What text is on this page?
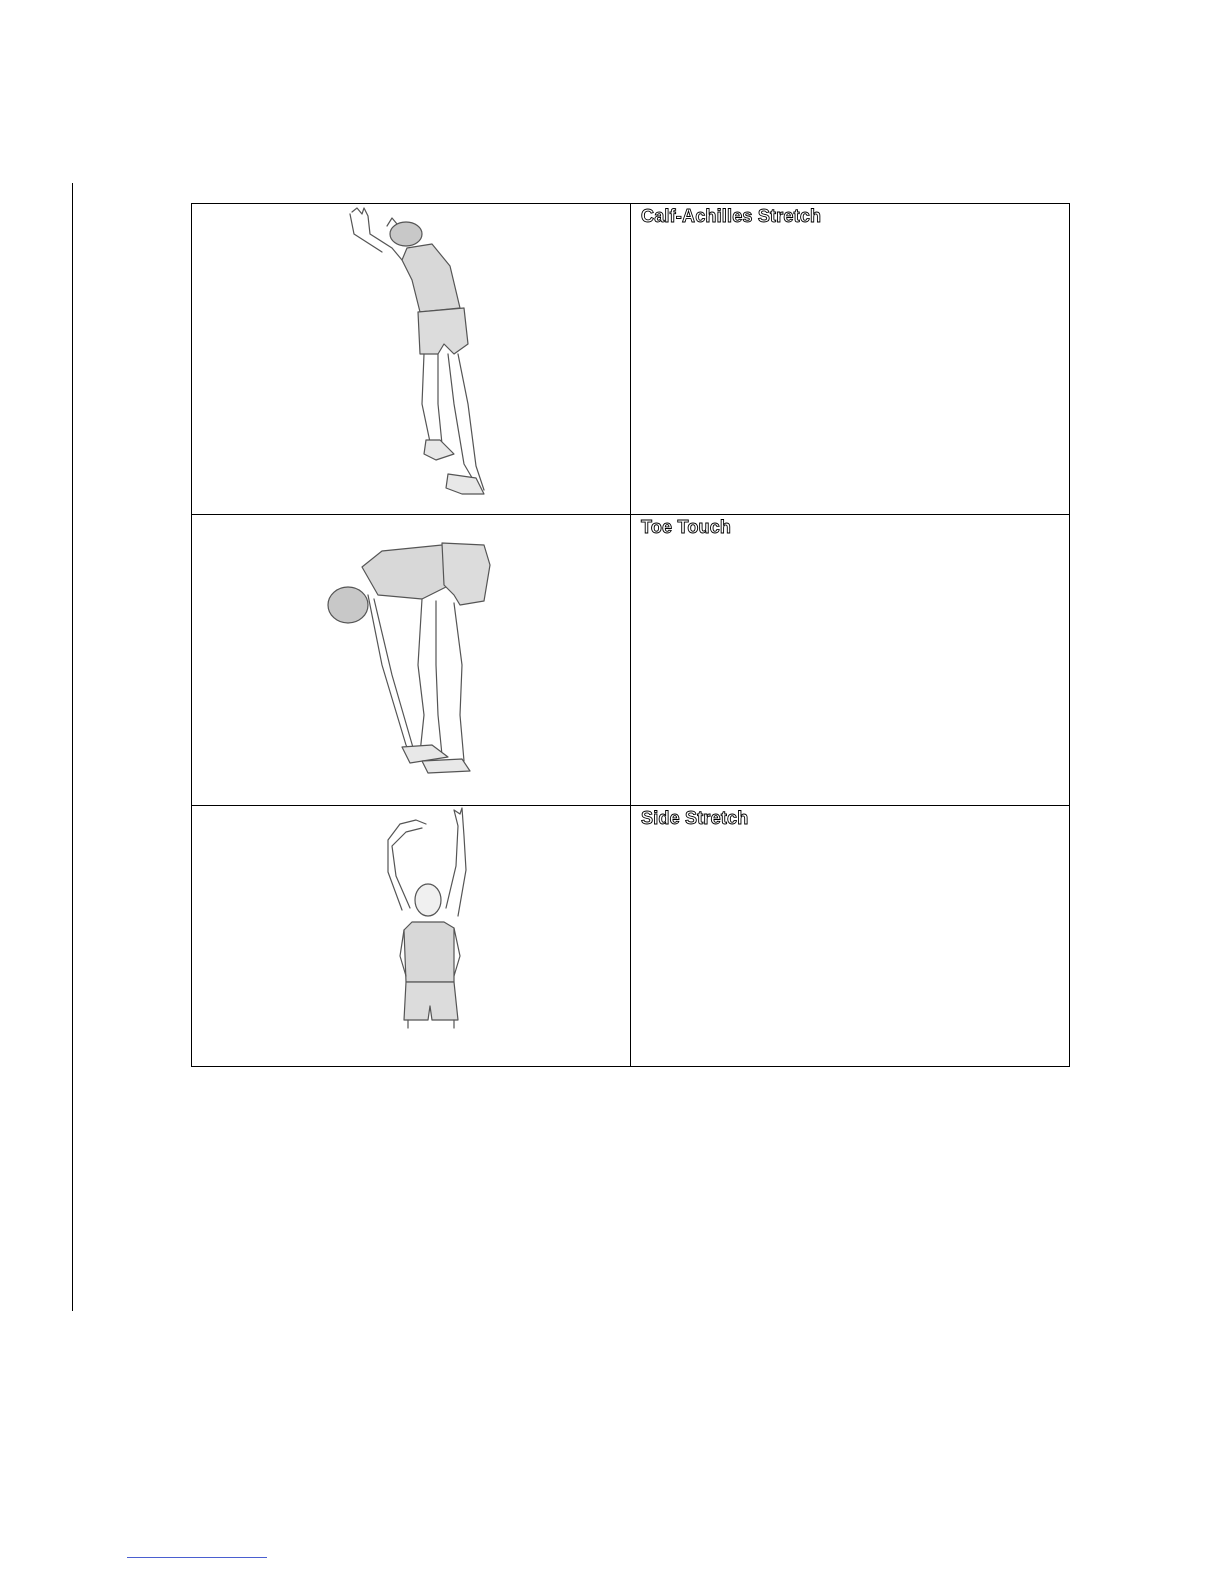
Calf-Achilles Stretch

Toe Touch

Side Stretch
